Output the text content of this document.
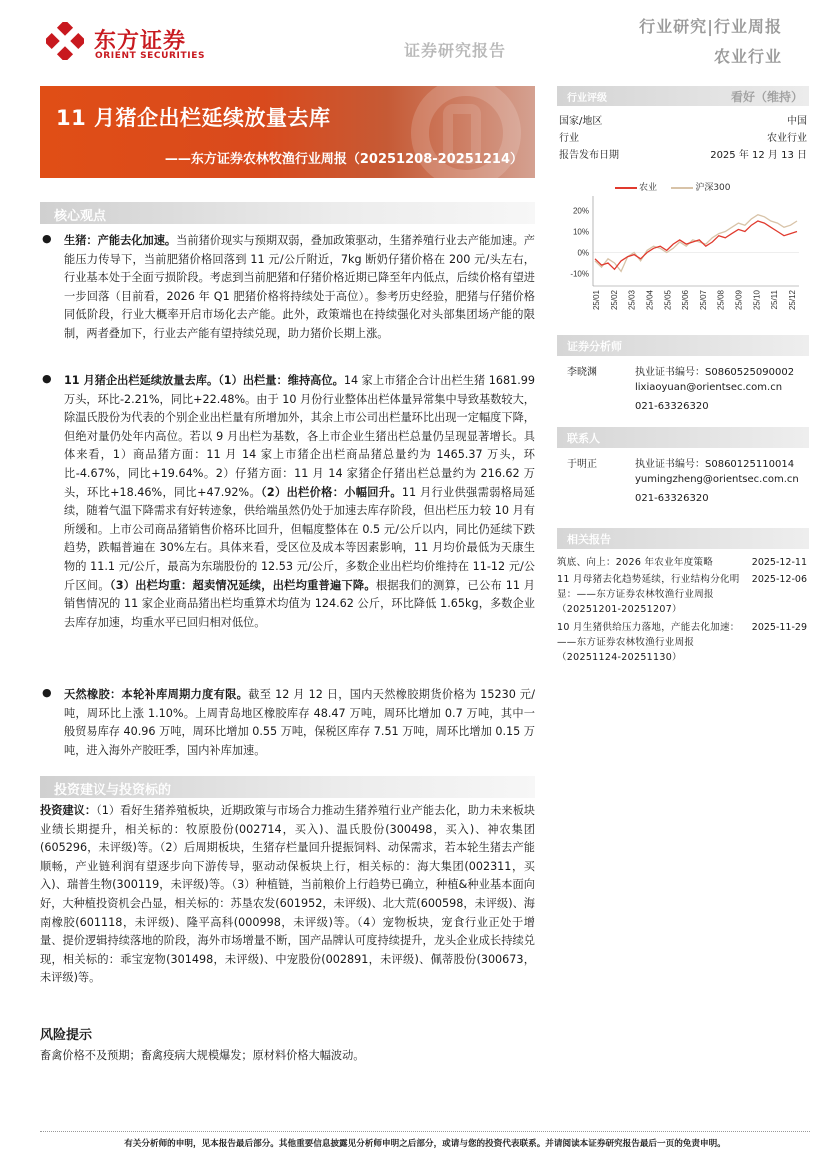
东方证券
ORIENT SECURITIES	证券研究报告
行业研究|行业周报
农业行业
11 月猪企出栏延续放量去库
——东方证券农林牧渔行业周报（20251208-20251214）
行业评级	看好（维持）
国家/地区	中国
行业	农业行业
报告发布日期	2025 年 12 月 13 日
农业	沪深300
20%
10%
0%
-10%
25/01 25/02 25/03 25/04 25/05 25/06 25/07 25/08 25/09 25/10 25/11 25/12
证券分析师
李晓渊	执业证书编号：S0860525090002
lixiaoyuan@orientsec.com.cn
021-63326320
联系人
于明正	执业证书编号：S0860125110014
yumingzheng@orientsec.com.cn
021-63326320
相关报告
筑底、向上：2026 年农业年度策略	2025-12-11
11 月母猪去化趋势延续，行业结构分化明显：——东方证券农林牧渔行业周报（20251201-20251207）
2025-12-06
10 月生猪供给压力落地，产能去化加速：——东方证券农林牧渔行业周报（20251124-20251130）
2025-11-29
核心观点
● 生猪：产能去化加速。当前猪价现实与预期双弱，叠加政策驱动，生猪养殖行业去产能加速。产能压力传导下，当前肥猪价格回落到 11 元/公斤附近，7kg 断奶仔猪价格在 200 元/头左右，行业基本处于全面亏损阶段。考虑到当前肥猪和仔猪价格近期已降至年内低点，后续价格有望进一步回落（目前看，2026 年 Q1 肥猪价格将持续处于高位）。参考历史经验，肥猪与仔猪价格同低阶段，行业大概率开启市场化去产能。此外，政策端也在持续强化对头部集团场产能的限制，两者叠加下，行业去产能有望持续兑现，助力猪价长期上涨。
● 11 月猪企出栏延续放量去库。（1）出栏量：维持高位。14 家上市猪企合计出栏生猪 1681.99 万头，环比-2.21%，同比+22.48%。由于 10 月份行业整体出栏体量异常集中导致基数较大，除温氏股份为代表的个别企业出栏量有所增加外，其余上市公司出栏量环比出现一定幅度下降，但绝对量仍处年内高位。若以 9 月出栏为基数，各上市企业生猪出栏总量仍呈现显著增长。具体来看，1）商品猪方面：11 月 14 家上市猪企出栏商品猪总量约为 1465.37 万头，环比-4.67%，同比+19.64%。2）仔猪方面：11 月 14 家猪企仔猪出栏总量约为 216.62 万头，环比+18.46%，同比+47.92%。（2）出栏价格：小幅回升。11 月行业供强需弱格局延续，随着气温下降需求有好转迹象，供给端虽然仍处于加速去库存阶段，但出栏压力较 10 月有所缓和。上市公司商品猪销售价格环比回升，但幅度整体在 0.5 元/公斤以内，同比仍延续下跌趋势，跌幅普遍在 30%左右。具体来看，受区位及成本等因素影响，11 月均价最低为天康生物的 11.1 元/公斤，最高为东瑞股份的 12.53 元/公斤，多数企业出栏均价维持在 11-12 元/公斤区间。（3）出栏均重：超卖情况延续，出栏均重普遍下降。根据我们的测算，已公布 11 月销售情况的 11 家企业商品猪出栏均重算术均值为 124.62 公斤，环比降低 1.65kg，多数企业去库存加速，均重水平已回归相对低位。
● 天然橡胶：本轮补库周期力度有限。截至 12 月 12 日，国内天然橡胶期货价格为 15230 元/吨，周环比上涨 1.10%。上周青岛地区橡胶库存 48.47 万吨，周环比增加 0.7 万吨，其中一般贸易库存 40.96 万吨，周环比增加 0.55 万吨，保税区库存 7.51 万吨，周环比增加 0.15 万吨，进入海外产胶旺季，国内补库加速。
投资建议与投资标的
投资建议：（1）看好生猪养殖板块，近期政策与市场合力推动生猪养殖行业产能去化，助力未来板块业绩长期提升，相关标的：牧原股份(002714，买入)、温氏股份(300498，买入)、神农集团(605296，未评级)等。（2）后周期板块，生猪存栏量回升提振饲料、动保需求，若本轮生猪去产能顺畅，产业链利润有望逐步向下游传导，驱动动保板块上行，相关标的：海大集团(002311，买入)、瑞普生物(300119，未评级)等。（3）种植链，当前粮价上行趋势已确立，种植&种业基本面向好，大种植投资机会凸显，相关标的：苏垦农发(601952，未评级)、北大荒(600598，未评级)、海南橡胶(601118，未评级)、隆平高科(000998，未评级)等。（4）宠物板块，宠食行业正处于增量、提价逻辑持续落地的阶段，海外市场增量不断，国产品牌认可度持续提升，龙头企业成长持续兑现，相关标的：乖宝宠物(301498，未评级)、中宠股份(002891，未评级)、佩蒂股份(300673，未评级)等。
风险提示
畜禽价格不及预期；畜禽疫病大规模爆发；原材料价格大幅波动。
有关分析师的申明，见本报告最后部分。其他重要信息披露见分析师申明之后部分，或请与您的投资代表联系。并请阅读本证券研究报告最后一页的免责申明。
